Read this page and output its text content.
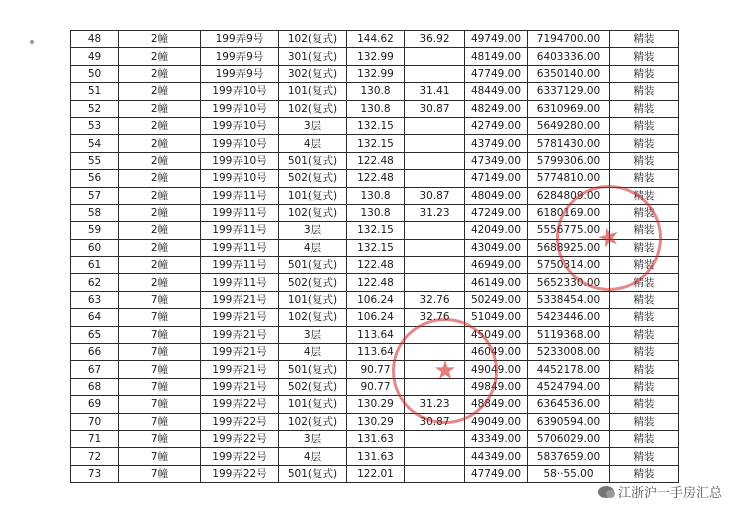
48	2幢	199弄9号	102(复式)	144.62	36.92	49749.00	7194700.00	精装
49	2幢	199弄9号	301(复式)	132.99		48149.00	6403336.00	精装
50	2幢	199弄9号	302(复式)	132.99		47749.00	6350140.00	精装
51	2幢	199弄10号	101(复式)	130.8	31.41	48449.00	6337129.00	精装
52	2幢	199弄10号	102(复式)	130.8	30.87	48249.00	6310969.00	精装
53	2幢	199弄10号	3层	132.15		42749.00	5649280.00	精装
54	2幢	199弄10号	4层	132.15		43749.00	5781430.00	精装
55	2幢	199弄10号	501(复式)	122.48		47349.00	5799306.00	精装
56	2幢	199弄10号	502(复式)	122.48		47149.00	5774810.00	精装
57	2幢	199弄11号	101(复式)	130.8	30.87	48049.00	6284809.00	精装
58	2幢	199弄11号	102(复式)	130.8	31.23	47249.00	6180169.00	精装
59	2幢	199弄11号	3层	132.15		42049.00	5556775.00	精装
60	2幢	199弄11号	4层	132.15		43049.00	5688925.00	精装
61	2幢	199弄11号	501(复式)	122.48		46949.00	5750314.00	精装
62	2幢	199弄11号	502(复式)	122.48		46149.00	5652330.00	精装
63	7幢	199弄21号	101(复式)	106.24	32.76	50249.00	5338454.00	精装
64	7幢	199弄21号	102(复式)	106.24	32.76	51049.00	5423446.00	精装
65	7幢	199弄21号	3层	113.64		45049.00	5119368.00	精装
66	7幢	199弄21号	4层	113.64		46049.00	5233008.00	精装
67	7幢	199弄21号	501(复式)	90.77		49049.00	4452178.00	精装
68	7幢	199弄21号	502(复式)	90.77		49849.00	4524794.00	精装
69	7幢	199弄22号	101(复式)	130.29	31.23	48849.00	6364536.00	精装
70	7幢	199弄22号	102(复式)	130.29	30.87	49049.00	6390594.00	精装
71	7幢	199弄22号	3层	131.63		43349.00	5706029.00	精装
72	7幢	199弄22号	4层	131.63		44349.00	5837659.00	精装
73	7幢	199弄22号	501(复式)	122.01		47749.00	58··55.00	精装
★
★
江浙沪一手房汇总
